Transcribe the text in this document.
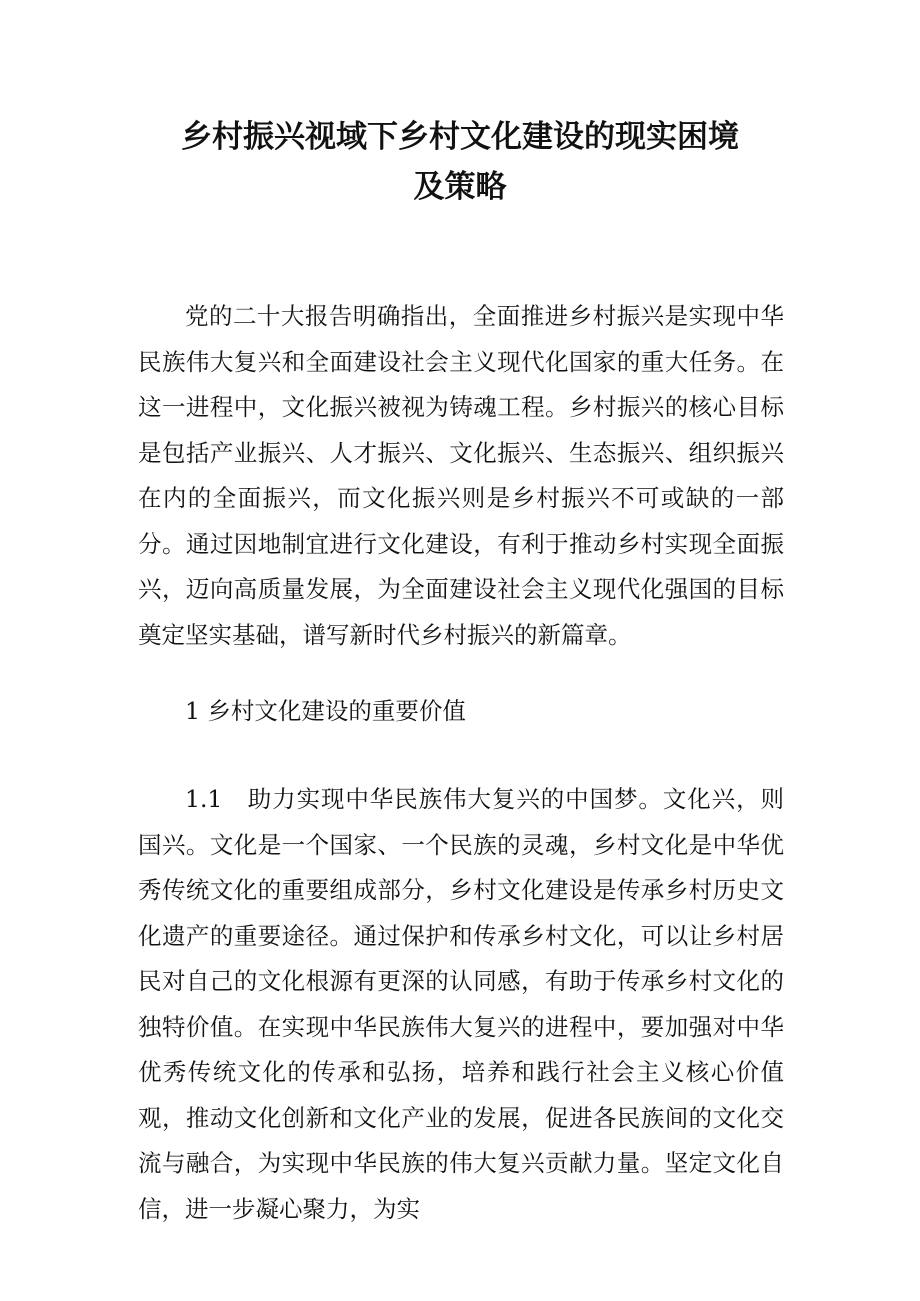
乡村振兴视域下乡村文化建设的现实困境
及策略

党的二十大报告明确指出，全面推进乡村振兴是实现中华民族伟大复兴和全面建设社会主义现代化国家的重大任务。在这一进程中，文化振兴被视为铸魂工程。乡村振兴的核心目标是包括产业振兴、人才振兴、文化振兴、生态振兴、组织振兴在内的全面振兴，而文化振兴则是乡村振兴不可或缺的一部分。通过因地制宜进行文化建设，有利于推动乡村实现全面振兴，迈向高质量发展，为全面建设社会主义现代化强国的目标奠定坚实基础，谱写新时代乡村振兴的新篇章。

1 乡村文化建设的重要价值

1.1　助力实现中华民族伟大复兴的中国梦。文化兴，则国兴。文化是一个国家、一个民族的灵魂，乡村文化是中华优秀传统文化的重要组成部分，乡村文化建设是传承乡村历史文化遗产的重要途径。通过保护和传承乡村文化，可以让乡村居民对自己的文化根源有更深的认同感，有助于传承乡村文化的独特价值。在实现中华民族伟大复兴的进程中，要加强对中华优秀传统文化的传承和弘扬，培养和践行社会主义核心价值观，推动文化创新和文化产业的发展，促进各民族间的文化交流与融合，为实现中华民族的伟大复兴贡献力量。坚定文化自信，进一步凝心聚力，为实
